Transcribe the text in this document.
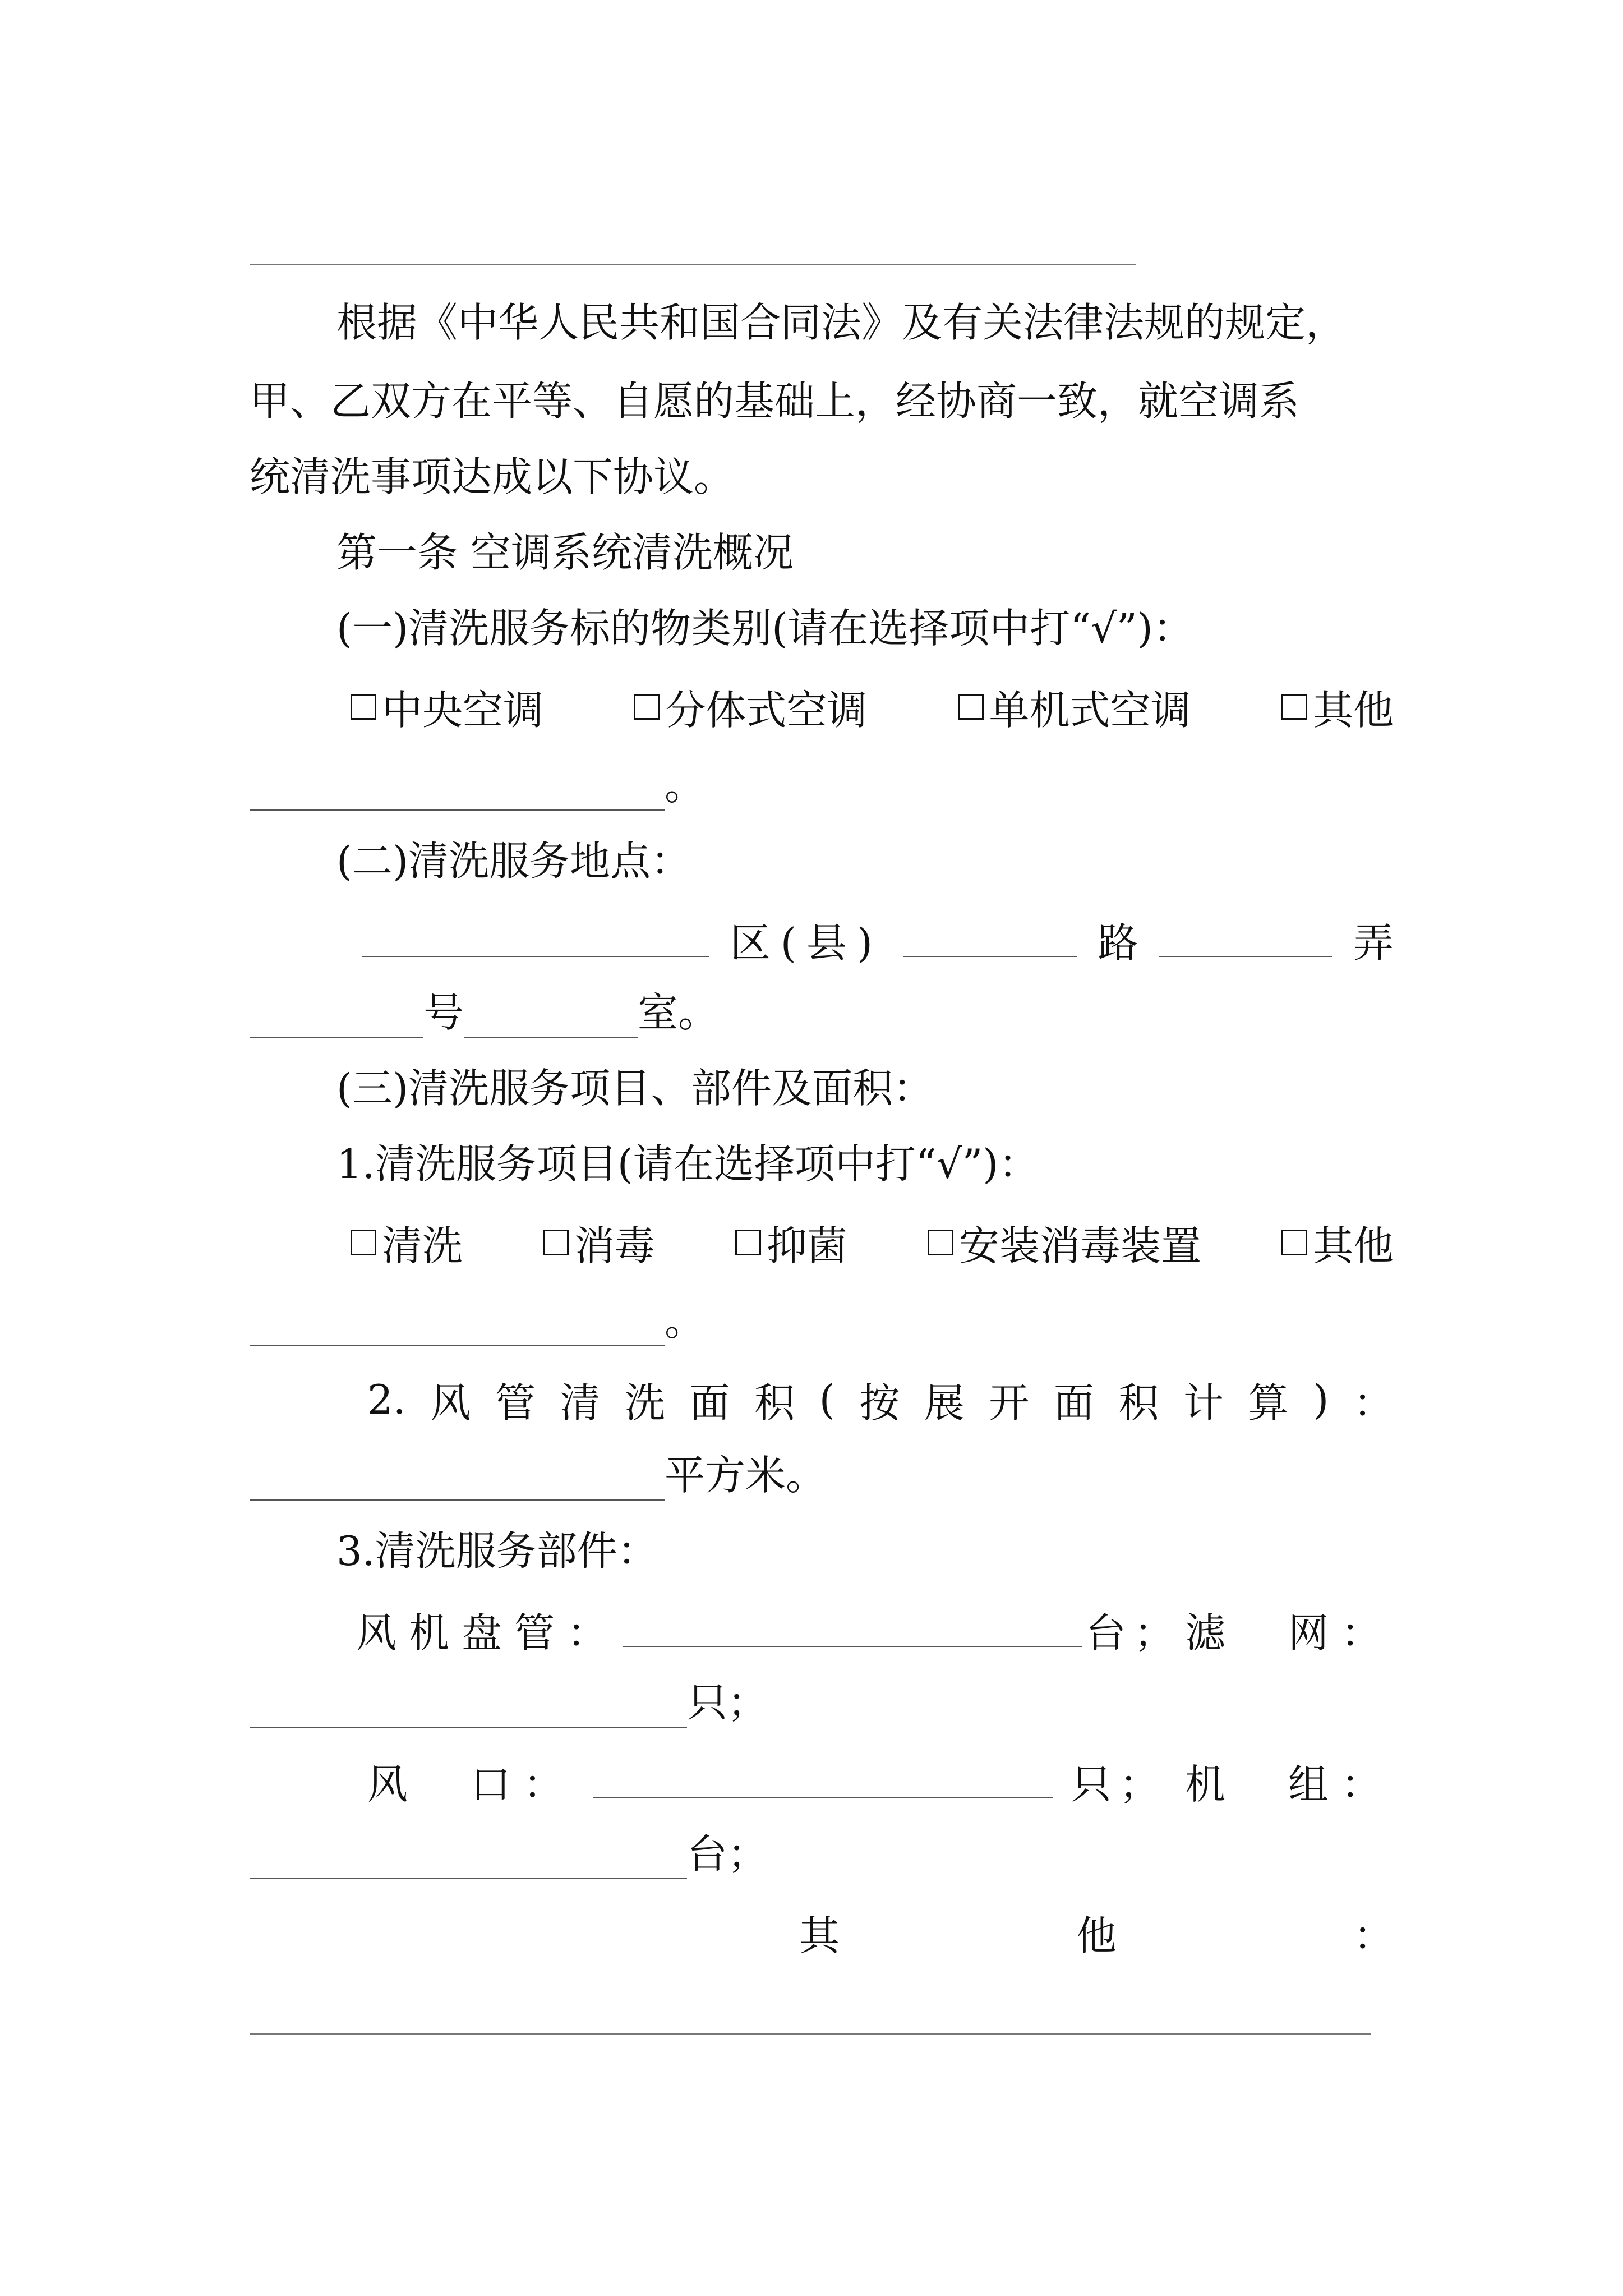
根据《中华人民共和国合同法》及有关法律法规的规定，
甲、乙双方在平等、自愿的基础上，经协商一致，就空调系
统清洗事项达成以下协议。
第一条 空调系统清洗概况
(一)清洗服务标的物类别(请在选择项中打“√”)：
中央空调	分体式空调	单机式空调	其他
。
(二)清洗服务地点：
区(县)	路	弄
号	室。
(三)清洗服务项目、部件及面积：
1.清洗服务项目(请在选择项中打“√”)：
清洗	消毒	抑菌	安装消毒装置	其他
。
2. 风 管 清 洗 面 积 ( 按 展 开 面 积 计 算 ) ：
平方米。
3.清洗服务部件：
风机盘管：	台； 滤  网：
只；
风  口：	只； 机  组：
台；
其	他	：
